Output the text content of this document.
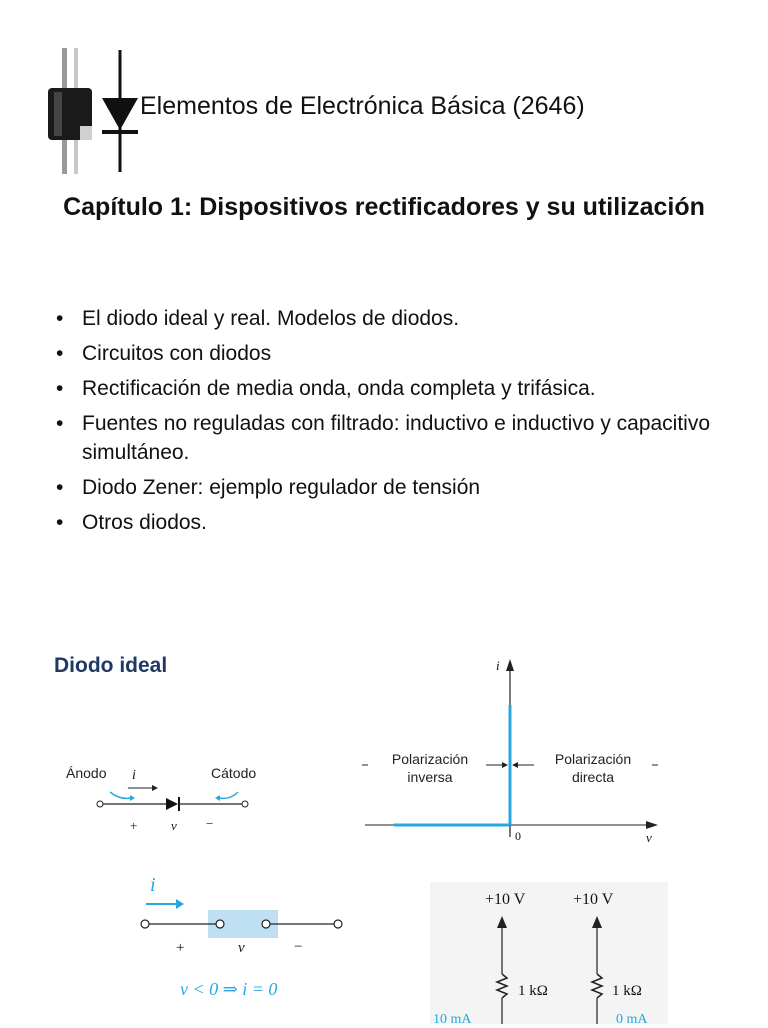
Elementos de Electrónica Básica (2646)
Capítulo 1: Dispositivos rectificadores y su utilización
• El diodo ideal y real. Modelos de diodos.
• Circuitos con diodos
• Rectificación de media onda, onda completa y trifásica.
• Fuentes no reguladas con filtrado: inductivo e inductivo y capacitivo simultáneo.
• Diodo Zener: ejemplo regulador de tensión
• Otros diodos.
Diodo ideal
Ánodo	Cátodo
i
+	v −
i
v
0
Polarización
inversa
Polarización
directa
i
+	v	−
v < 0 ⇒ i = 0
+10 V	+10 V
1 kΩ	1 kΩ
10 mA	0 mA
